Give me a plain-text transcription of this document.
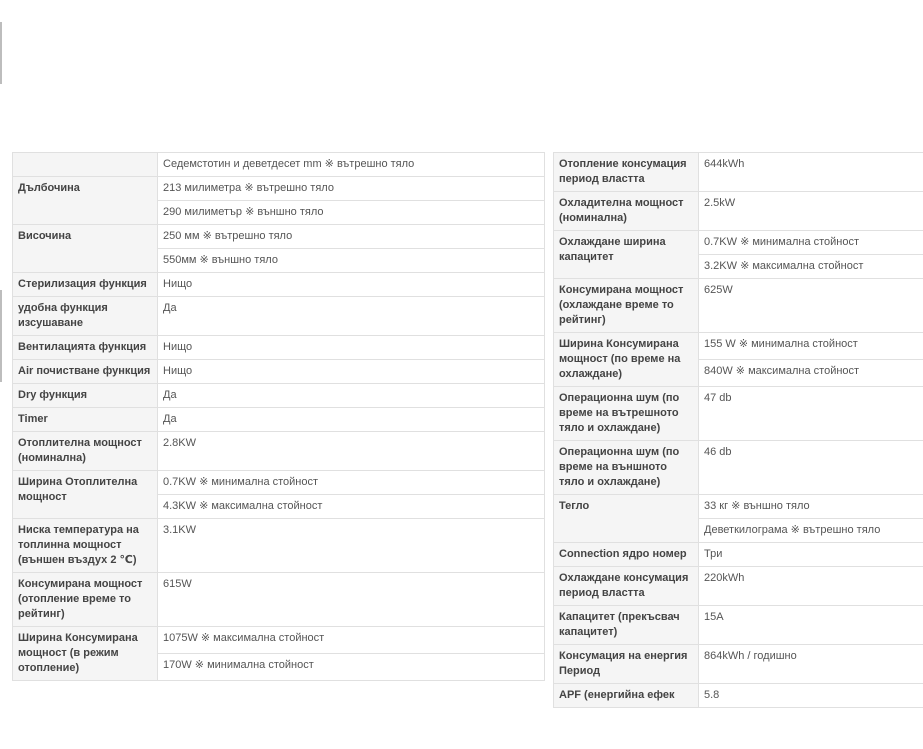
	Седемстотин и деветдесет mm ※ вътрешно тяло
Дълбочина	213 милиметра ※ вътрешно тяло
	290 милиметър ※ външно тяло
Височина	250 мм ※ вътрешно тяло
	550мм ※ външно тяло
Стерилизация функция	Нищо
удобна функция изсушаване	Да
Вентилацията функция	Нищо
Air почистване функция	Нищо
Dry функция	Да
Timer	Да
Отоплителна мощност (номинална)	2.8KW
Ширина Отоплителна мощност	0.7KW ※ минимална стойност
	4.3KW ※ максимална стойност
Ниска температура на топлинна мощност (външен въздух 2 ℃)	3.1KW
Консумирана мощност (отопление време то рейтинг)	615W
Ширина Консумирана мощност (в режим отопление)	1075W ※ максимална стойност
	170W ※ минимална стойност
Отопление консумация период властта	644kWh
Охладителна мощност (номинална)	2.5kW
Охлаждане ширина капацитет	0.7KW ※ минимална стойност
	3.2KW ※ максимална стойност
Консумирана мощност (охлаждане време то рейтинг)	625W
Ширина Консумирана мощност (по време на охлаждане)	155 W ※ минимална стойност
	840W ※ максимална стойност
Операционна шум (по време на вътрешното тяло и охлаждане)	47 db
Операционна шум (по време на външното тяло и охлаждане)	46 db
Тегло	33 кг ※ външно тяло
	Деветкилограма ※ вътрешно тяло
Connection ядро номер	Три
Охлаждане консумация период властта	220kWh
Капацитет (прекъсвач капацитет)	15A
Консумация на енергия Период	864kWh / годишно
APF (енергийна ефек	5.8
